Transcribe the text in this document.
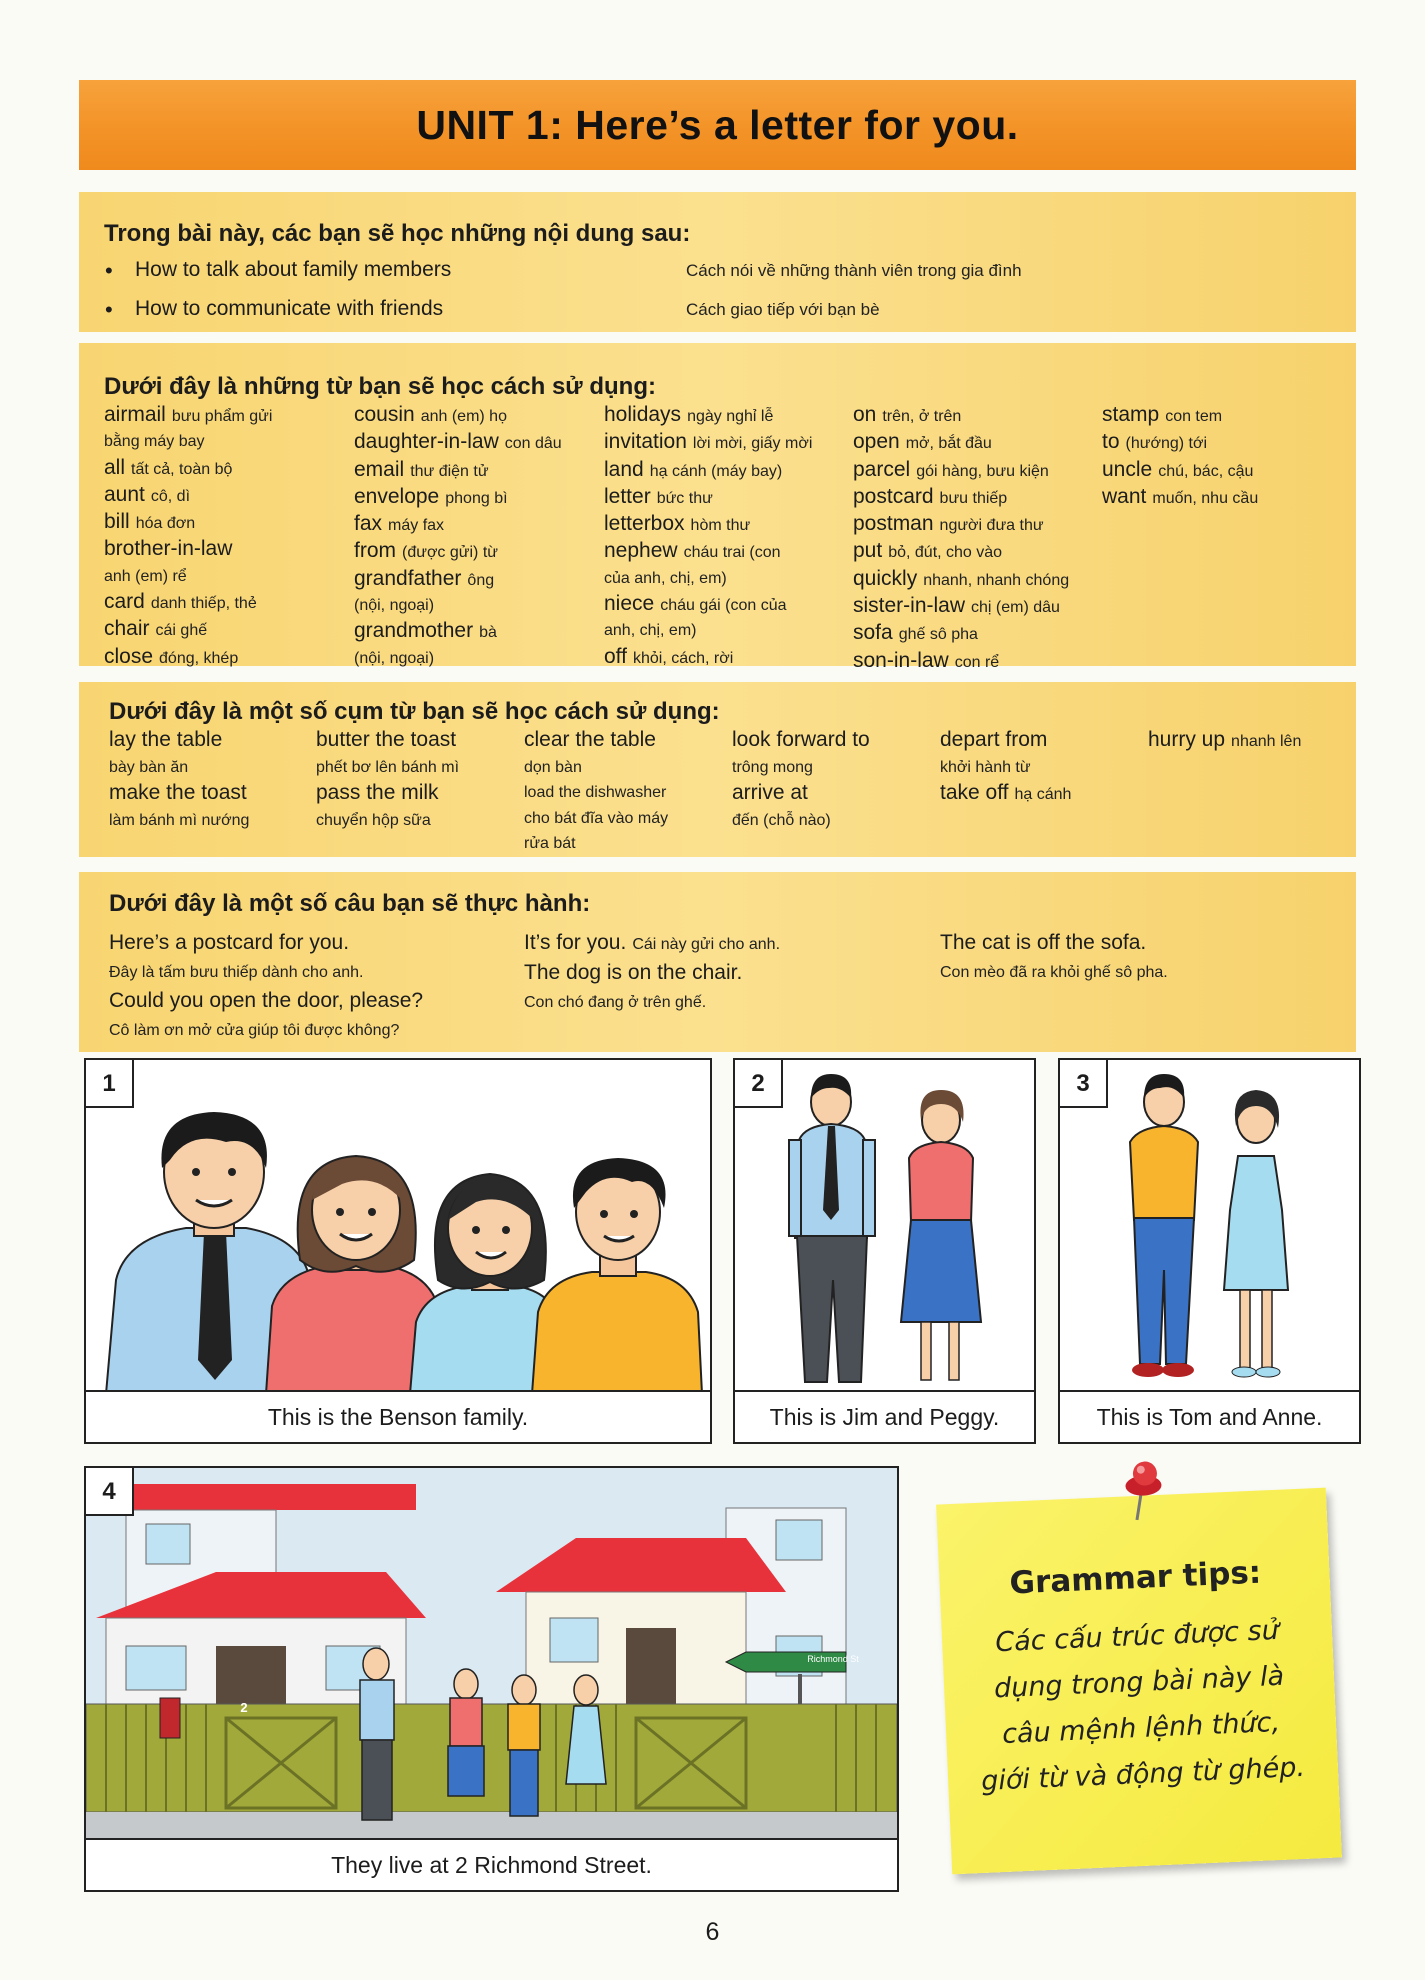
UNIT 1: Here’s a letter for you.
Trong bài này, các bạn sẽ học những nội dung sau:
• How to talk about family members	Cách nói về những thành viên trong gia đình
• How to communicate with friends	Cách giao tiếp với bạn bè
Dưới đây là những từ bạn sẽ học cách sử dụng:
airmail bưu phẩm gửi
bằng máy bay
all tất cả, toàn bộ
aunt cô, dì
bill hóa đơn
brother-in-law
anh (em) rể
card danh thiếp, thẻ
chair cái ghế
close đóng, khép
cousin anh (em) họ
daughter-in-law con dâu
email thư điện tử
envelope phong bì
fax máy fax
from (được gửi) từ
grandfather ông
(nội, ngoại)
grandmother bà
(nội, ngoại)
holidays ngày nghỉ lễ
invitation lời mời, giấy mời
land hạ cánh (máy bay)
letter bức thư
letterbox hòm thư
nephew cháu trai (con
của anh, chị, em)
niece cháu gái (con của
anh, chị, em)
off khỏi, cách, rời
on trên, ở trên
open mở, bắt đầu
parcel gói hàng, bưu kiện
postcard bưu thiếp
postman người đưa thư
put bỏ, đút, cho vào
quickly nhanh, nhanh chóng
sister-in-law chị (em) dâu
sofa ghế sô pha
son-in-law con rể
stamp con tem
to (hướng) tới
uncle chú, bác, cậu
want muốn, nhu cầu
Dưới đây là một số cụm từ bạn sẽ học cách sử dụng:
lay the table
bày bàn ăn
make the toast
làm bánh mì nướng
butter the toast
phết bơ lên bánh mì
pass the milk
chuyển hộp sữa
clear the table
dọn bàn
load the dishwasher
cho bát đĩa vào máy
rửa bát
look forward to
trông mong
arrive at
đến (chỗ nào)
depart from
khởi hành từ
take off hạ cánh
hurry up nhanh lên
Dưới đây là một số câu bạn sẽ thực hành:
Here’s a postcard for you.
Đây là tấm bưu thiếp dành cho anh.
Could you open the door, please?
Cô làm ơn mở cửa giúp tôi được không?
It’s for you. Cái này gửi cho anh.
The dog is on the chair.
Con chó đang ở trên ghế.
The cat is off the sofa.
Con mèo đã ra khỏi ghế sô pha.
1
This is the Benson family.
2
This is Jim and Peggy.
3
This is Tom and Anne.
4
Richmond St
2
They live at 2 Richmond Street.
Grammar tips:

Các cấu trúc được sử dụng trong bài này là câu mệnh lệnh thức, giới từ và động từ ghép.

6
